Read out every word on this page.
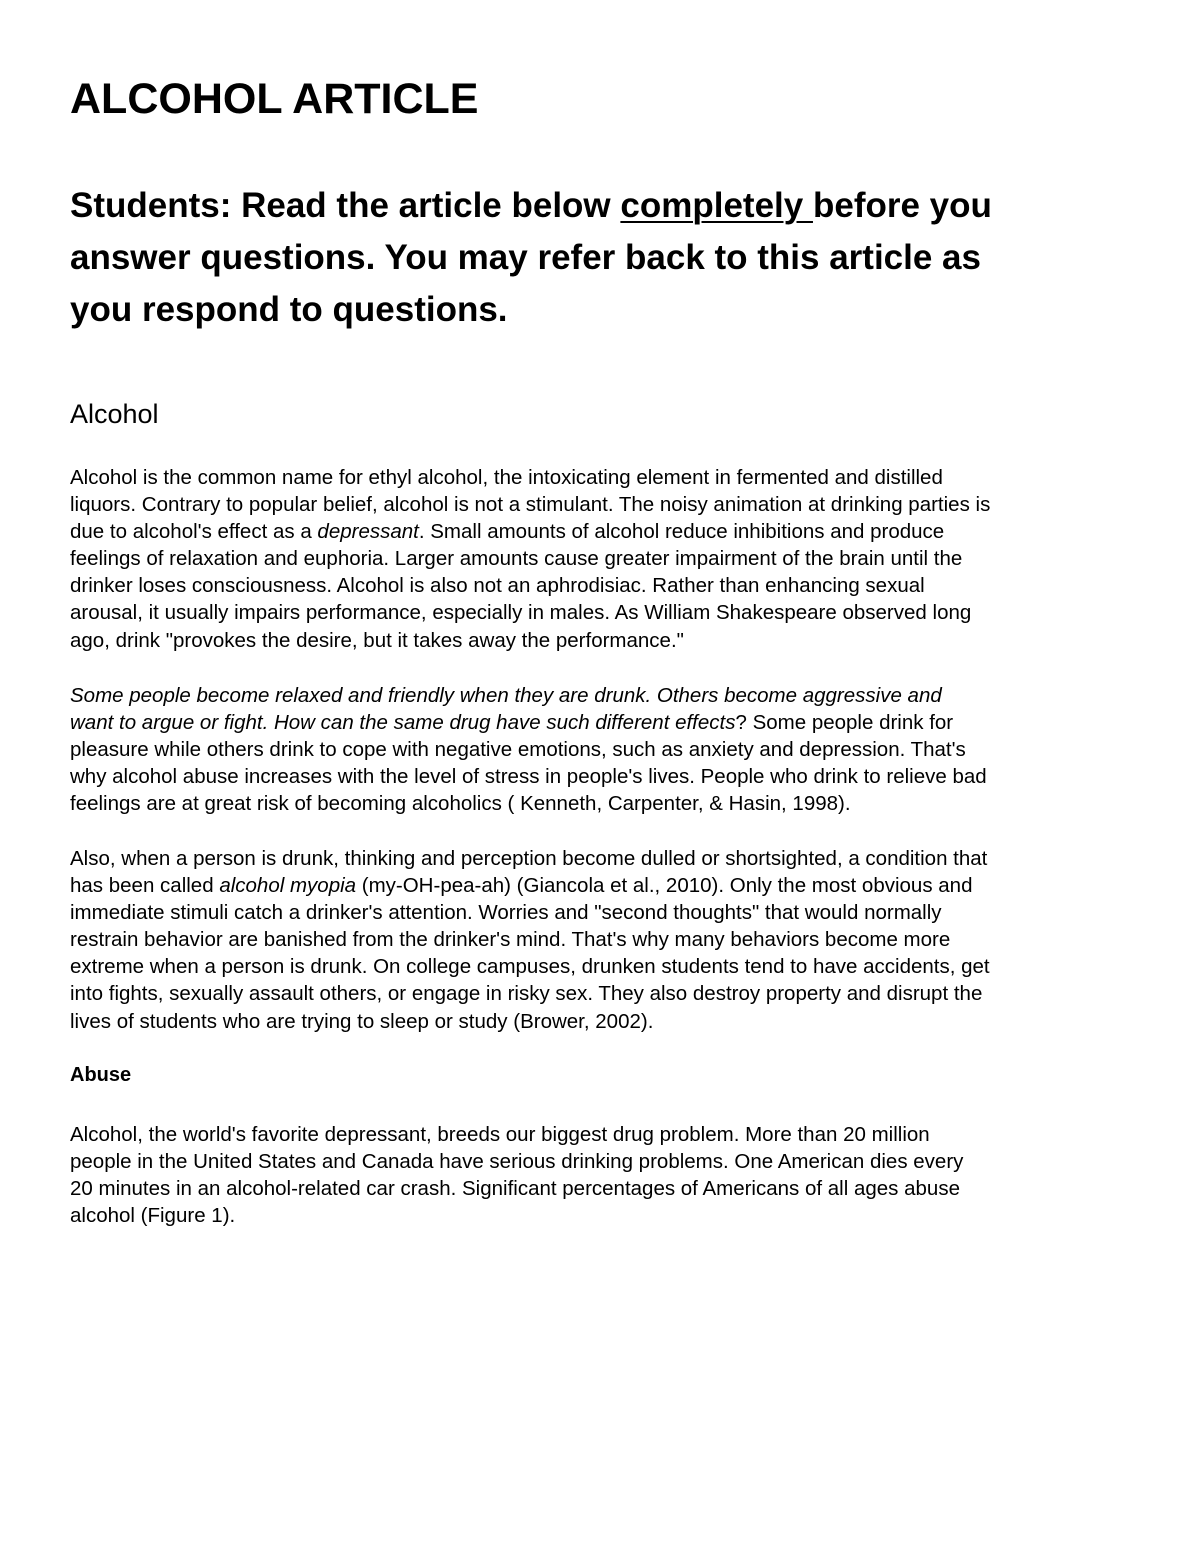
ALCOHOL ARTICLE

Students: Read the article below completely before you
answer questions. You may refer back to this article as
you respond to questions.

Alcohol

Alcohol is the common name for ethyl alcohol, the intoxicating element in fermented and distilled
liquors. Contrary to popular belief, alcohol is not a stimulant. The noisy animation at drinking parties is
due to alcohol's effect as a depressant. Small amounts of alcohol reduce inhibitions and produce
feelings of relaxation and euphoria. Larger amounts cause greater impairment of the brain until the
drinker loses consciousness. Alcohol is also not an aphrodisiac. Rather than enhancing sexual
arousal, it usually impairs performance, especially in males. As William Shakespeare observed long
ago, drink "provokes the desire, but it takes away the performance."

Some people become relaxed and friendly when they are drunk. Others become aggressive and
want to argue or fight. How can the same drug have such different effects? Some people drink for
pleasure while others drink to cope with negative emotions, such as anxiety and depression. That's
why alcohol abuse increases with the level of stress in people's lives. People who drink to relieve bad
feelings are at great risk of becoming alcoholics ( Kenneth, Carpenter, & Hasin, 1998).

Also, when a person is drunk, thinking and perception become dulled or shortsighted, a condition that
has been called alcohol myopia (my-OH-pea-ah) (Giancola et al., 2010). Only the most obvious and
immediate stimuli catch a drinker's attention. Worries and "second thoughts" that would normally
restrain behavior are banished from the drinker's mind. That's why many behaviors become more
extreme when a person is drunk. On college campuses, drunken students tend to have accidents, get
into fights, sexually assault others, or engage in risky sex. They also destroy property and disrupt the
lives of students who are trying to sleep or study (Brower, 2002).

Abuse

Alcohol, the world's favorite depressant, breeds our biggest drug problem. More than 20 million
people in the United States and Canada have serious drinking problems. One American dies every
20 minutes in an alcohol-related car crash. Significant percentages of Americans of all ages abuse
alcohol (Figure 1).
